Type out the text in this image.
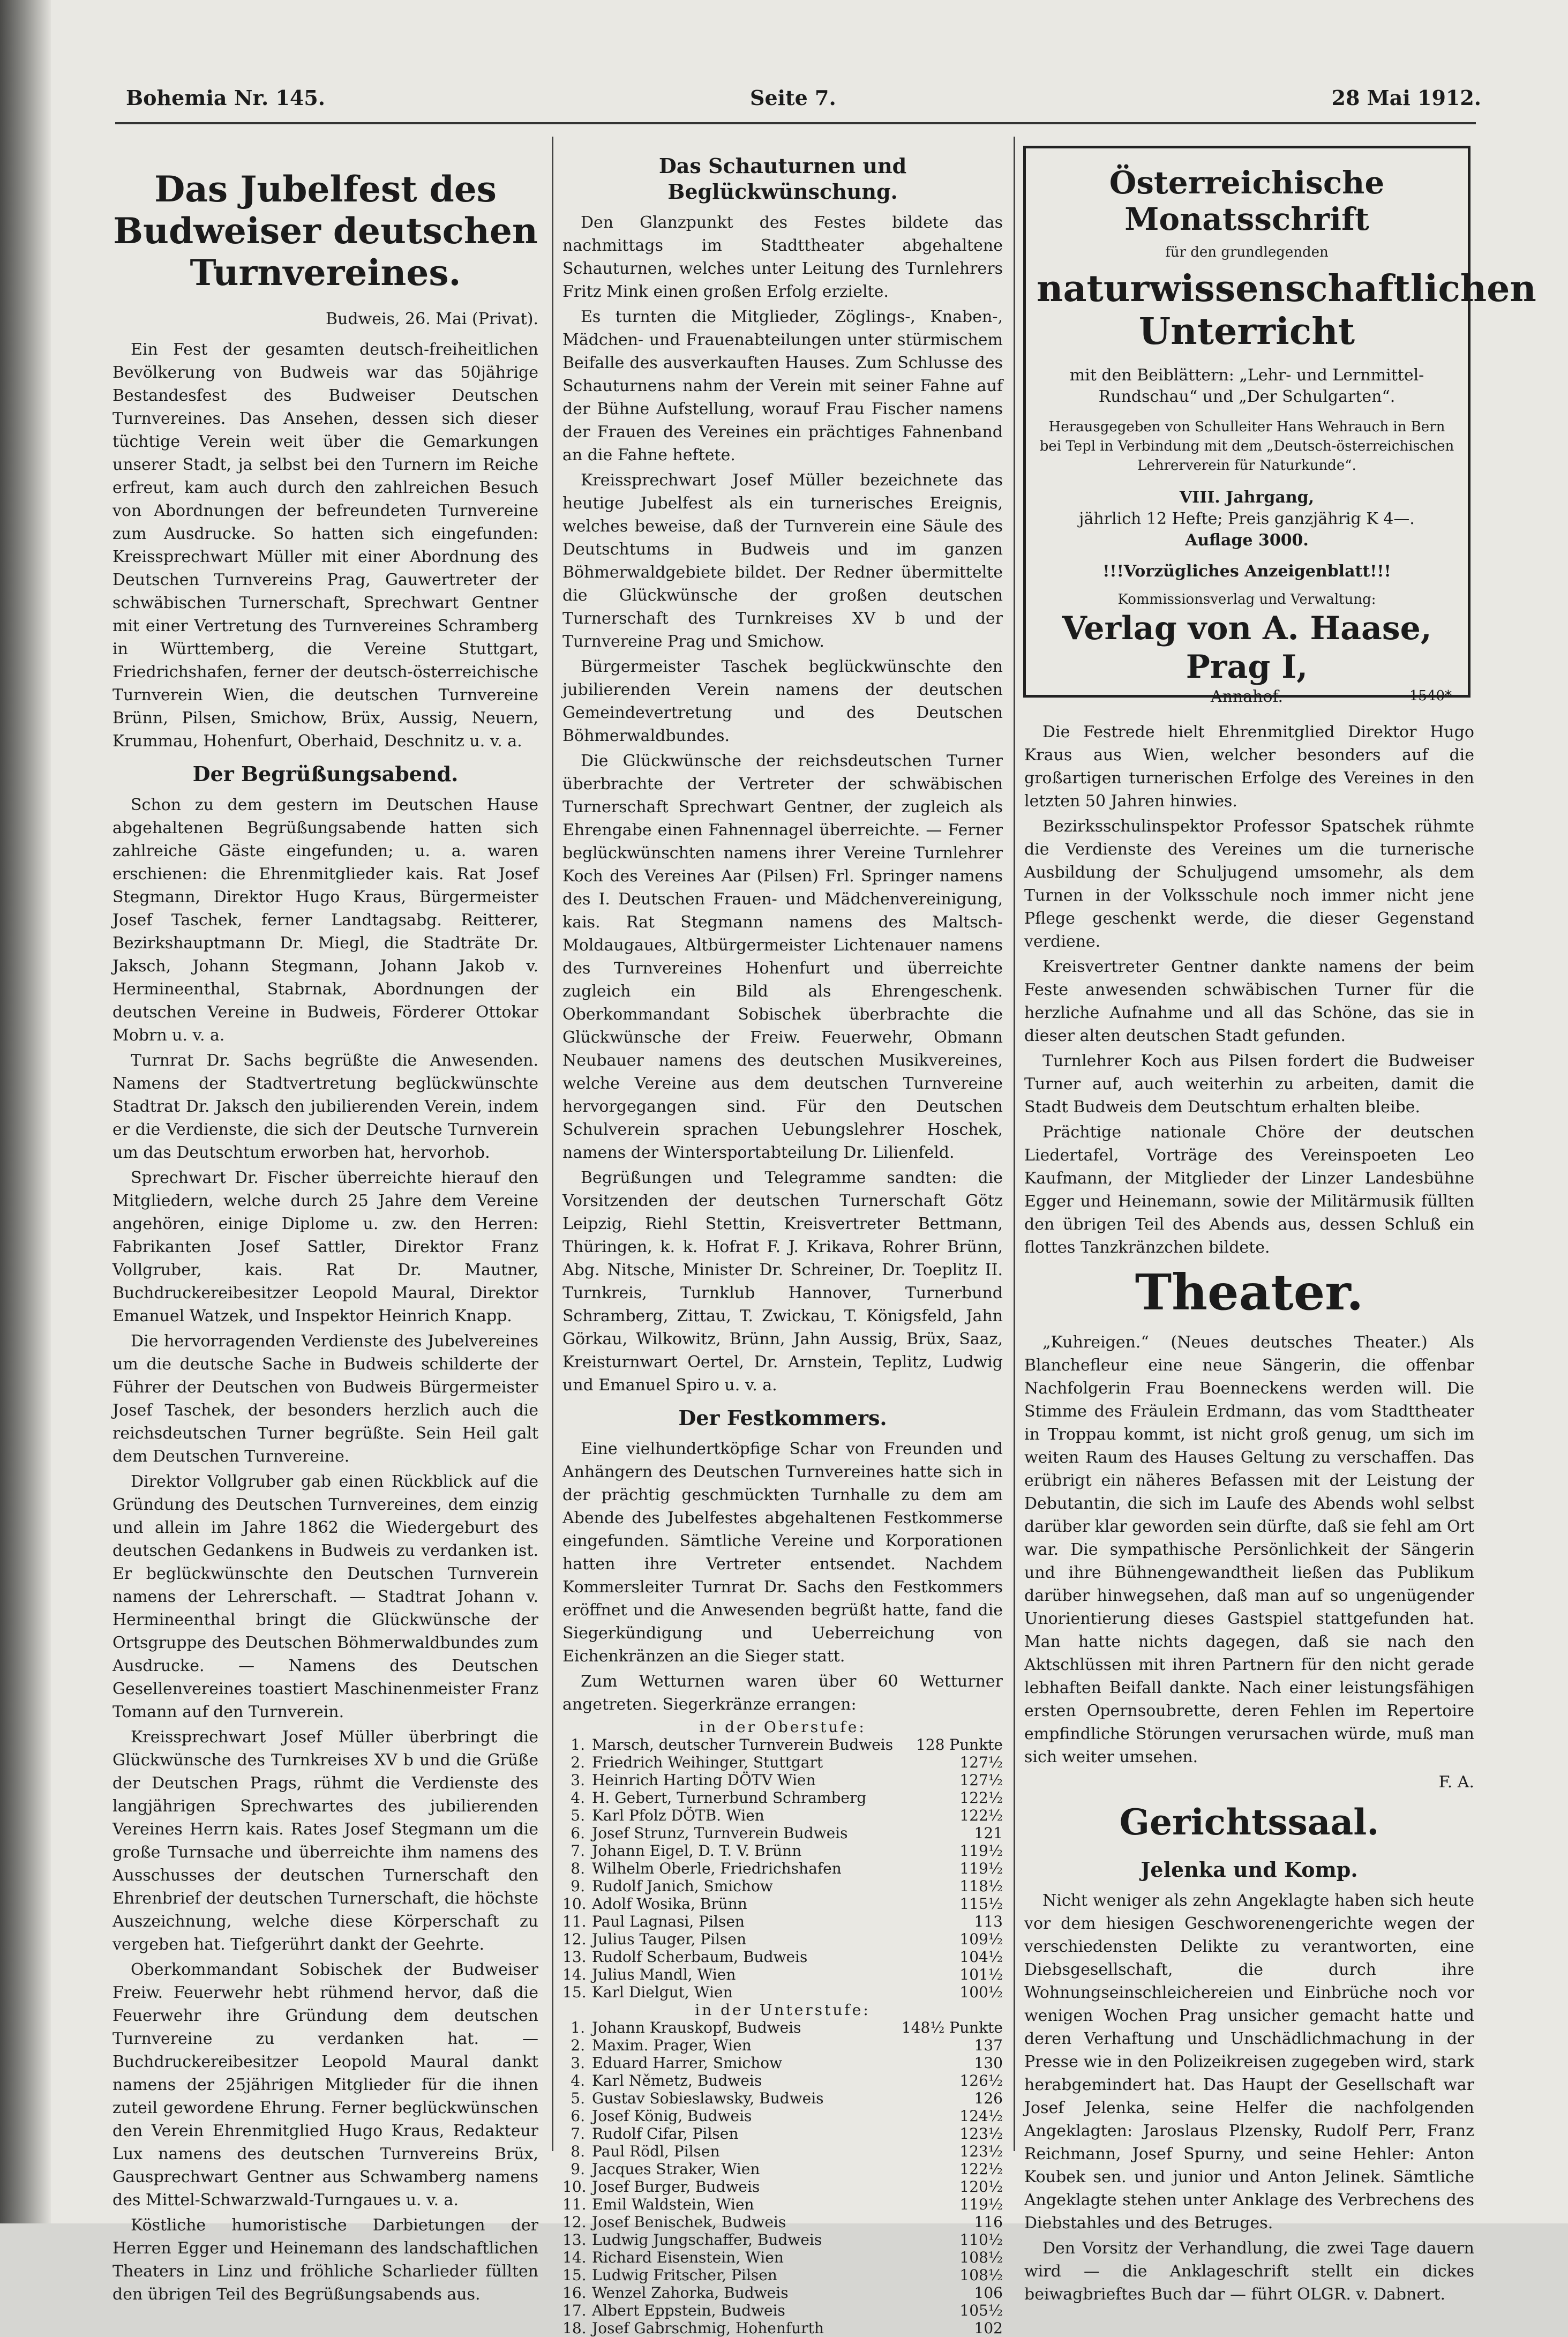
Bohemia Nr. 145.	Seite 7.	28 Mai 1912.
Das Jubelfest des Budweiser deutschen Turnvereines.

Budweis, 26. Mai (Privat).

Ein Fest der gesamten deutsch-freiheitlichen Bevölkerung von Budweis war das 50jährige Bestandesfest des Budweiser Deutschen Turnvereines. Das Ansehen, dessen sich dieser tüchtige Verein weit über die Gemarkungen unserer Stadt, ja selbst bei den Turnern im Reiche erfreut, kam auch durch den zahlreichen Besuch von Abordnungen der befreundeten Turnvereine zum Ausdrucke. So hatten sich eingefunden: Kreissprechwart Müller mit einer Abordnung des Deutschen Turnvereins Prag, Gauwertreter der schwäbischen Turnerschaft, Sprechwart Gentner mit einer Vertretung des Turnvereines Schramberg in Württemberg, die Vereine Stuttgart, Friedrichshafen, ferner der deutsch-österreichische Turnverein Wien, die deutschen Turnvereine Brünn, Pilsen, Smichow, Brüx, Aussig, Neuern, Krummau, Hohenfurt, Oberhaid, Deschnitz u. v. a.

Der Begrüßungsabend.

Schon zu dem gestern im Deutschen Hause abgehaltenen Begrüßungsabende hatten sich zahlreiche Gäste eingefunden; u. a. waren erschienen: die Ehrenmitglieder kais. Rat Josef Stegmann, Direktor Hugo Kraus, Bürgermeister Josef Taschek, ferner Landtagsabg. Reitterer, Bezirkshauptmann Dr. Miegl, die Stadträte Dr. Jaksch, Johann Stegmann, Johann Jakob v. Hermineenthal, Stabrnak, Abordnungen der deutschen Vereine in Budweis, Förderer Ottokar Mobrn u. v. a.

Turnrat Dr. Sachs begrüßte die Anwesenden. Namens der Stadtvertretung beglückwünschte Stadtrat Dr. Jaksch den jubilierenden Verein, indem er die Verdienste, die sich der Deutsche Turnverein um das Deutschtum erworben hat, hervorhob.

Sprechwart Dr. Fischer überreichte hierauf den Mitgliedern, welche durch 25 Jahre dem Vereine angehören, einige Diplome u. zw. den Herren: Fabrikanten Josef Sattler, Direktor Franz Vollgruber, kais. Rat Dr. Mautner, Buchdruckereibesitzer Leopold Maural, Direktor Emanuel Watzek, und Inspektor Heinrich Knapp.

Die hervorragenden Verdienste des Jubelvereines um die deutsche Sache in Budweis schilderte der Führer der Deutschen von Budweis Bürgermeister Josef Taschek, der besonders herzlich auch die reichsdeutschen Turner begrüßte. Sein Heil galt dem Deutschen Turnvereine.

Direktor Vollgruber gab einen Rückblick auf die Gründung des Deutschen Turnvereines, dem einzig und allein im Jahre 1862 die Wiedergeburt des deutschen Gedankens in Budweis zu verdanken ist. Er beglückwünschte den Deutschen Turnverein namens der Lehrerschaft. — Stadtrat Johann v. Hermineenthal bringt die Glückwünsche der Ortsgruppe des Deutschen Böhmerwaldbundes zum Ausdrucke. — Namens des Deutschen Gesellenvereines toastiert Maschinenmeister Franz Tomann auf den Turnverein.

Kreissprechwart Josef Müller überbringt die Glückwünsche des Turnkreises XV b und die Grüße der Deutschen Prags, rühmt die Verdienste des langjährigen Sprechwartes des jubilierenden Vereines Herrn kais. Rates Josef Stegmann um die große Turnsache und überreichte ihm namens des Ausschusses der deutschen Turnerschaft den Ehrenbrief der deutschen Turnerschaft, die höchste Auszeichnung, welche diese Körperschaft zu vergeben hat. Tiefgerührt dankt der Geehrte.

Oberkommandant Sobischek der Budweiser Freiw. Feuerwehr hebt rühmend hervor, daß die Feuerwehr ihre Gründung dem deutschen Turnvereine zu verdanken hat. — Buchdruckereibesitzer Leopold Maural dankt namens der 25jährigen Mitglieder für die ihnen zuteil gewordene Ehrung. Ferner beglückwünschen den Verein Ehrenmitglied Hugo Kraus, Redakteur Lux namens des deutschen Turnvereins Brüx, Gausprechwart Gentner aus Schwamberg namens des Mittel-Schwarzwald-Turngaues u. v. a.

Köstliche humoristische Darbietungen der Herren Egger und Heinemann des landschaftlichen Theaters in Linz und fröhliche Scharlieder füllten den übrigen Teil des Begrüßungsabends aus.

Das Schauturnen und Beglückwünschung.

Den Glanzpunkt des Festes bildete das nachmittags im Stadttheater abgehaltene Schauturnen, welches unter Leitung des Turnlehrers Fritz Mink einen großen Erfolg erzielte.

Es turnten die Mitglieder, Zöglings-, Knaben-, Mädchen- und Frauenabteilungen unter stürmischem Beifalle des ausverkauften Hauses. Zum Schlusse des Schauturnens nahm der Verein mit seiner Fahne auf der Bühne Aufstellung, worauf Frau Fischer namens der Frauen des Vereines ein prächtiges Fahnenband an die Fahne heftete.

Kreissprechwart Josef Müller bezeichnete das heutige Jubelfest als ein turnerisches Ereignis, welches beweise, daß der Turnverein eine Säule des Deutschtums in Budweis und im ganzen Böhmerwaldgebiete bildet. Der Redner übermittelte die Glückwünsche der großen deutschen Turnerschaft des Turnkreises XV b und der Turnvereine Prag und Smichow.

Bürgermeister Taschek beglückwünschte den jubilierenden Verein namens der deutschen Gemeindevertretung und des Deutschen Böhmerwaldbundes.

Die Glückwünsche der reichsdeutschen Turner überbrachte der Vertreter der schwäbischen Turnerschaft Sprechwart Gentner, der zugleich als Ehrengabe einen Fahnennagel überreichte. — Ferner beglückwünschten namens ihrer Vereine Turnlehrer Koch des Vereines Aar (Pilsen) Frl. Springer namens des I. Deutschen Frauen- und Mädchenvereinigung, kais. Rat Stegmann namens des Maltsch-Moldaugaues, Altbürgermeister Lichtenauer namens des Turnvereines Hohenfurt und überreichte zugleich ein Bild als Ehrengeschenk. Oberkommandant Sobischek überbrachte die Glückwünsche der Freiw. Feuerwehr, Obmann Neubauer namens des deutschen Musikvereines, welche Vereine aus dem deutschen Turnvereine hervorgegangen sind. Für den Deutschen Schulverein sprachen Uebungslehrer Hoschek, namens der Wintersportabteilung Dr. Lilienfeld.

Begrüßungen und Telegramme sandten: die Vorsitzenden der deutschen Turnerschaft Götz Leipzig, Riehl Stettin, Kreisvertreter Bettmann, Thüringen, k. k. Hofrat F. J. Krikava, Rohrer Brünn, Abg. Nitsche, Minister Dr. Schreiner, Dr. Toeplitz II. Turnkreis, Turnklub Hannover, Turnerbund Schramberg, Zittau, T. Zwickau, T. Königsfeld, Jahn Görkau, Wilkowitz, Brünn, Jahn Aussig, Brüx, Saaz, Kreisturnwart Oertel, Dr. Arnstein, Teplitz, Ludwig und Emanuel Spiro u. v. a.

Der Festkommers.

Eine vielhundertköpfige Schar von Freunden und Anhängern des Deutschen Turnvereines hatte sich in der prächtig geschmückten Turnhalle zu dem am Abende des Jubelfestes abgehaltenen Festkommerse eingefunden. Sämtliche Vereine und Korporationen hatten ihre Vertreter entsendet. Nachdem Kommersleiter Turnrat Dr. Sachs den Festkommers eröffnet und die Anwesenden begrüßt hatte, fand die Siegerkündigung und Ueberreichung von Eichenkränzen an die Sieger statt.

Zum Wetturnen waren über 60 Wetturner angetreten. Siegerkränze errangen:

in der Oberstufe:
1. Marsch, deutscher Turnverein Budweis 128 Punkte
2. Friedrich Weihinger, Stuttgart	127½
3. Heinrich Harting DÖTV Wien	127½
4. H. Gebert, Turnerbund Schramberg	122½
5. Karl Pfolz DÖTB. Wien	122½
6. Josef Strunz, Turnverein Budweis	121
7. Johann Eigel, D. T. V. Brünn	119½
8. Wilhelm Oberle, Friedrichshafen	119½
9. Rudolf Janich, Smichow	118½
10. Adolf Wosika, Brünn	115½
11. Paul Lagnasi, Pilsen	113
12. Julius Tauger, Pilsen	109½
13. Rudolf Scherbaum, Budweis	104½
14. Julius Mandl, Wien	101½
15. Karl Dielgut, Wien	100½
in der Unterstufe:
1. Johann Krauskopf, Budweis	148½ Punkte
2. Maxim. Prager, Wien	137
3. Eduard Harrer, Smichow	130
4. Karl Němetz, Budweis	126½
5. Gustav Sobieslawsky, Budweis	126
6. Josef König, Budweis	124½
7. Rudolf Cifar, Pilsen	123½
8. Paul Rödl, Pilsen	123½
9. Jacques Straker, Wien	122½
10. Josef Burger, Budweis	120½
11. Emil Waldstein, Wien	119½
12. Josef Benischek, Budweis	116
13. Ludwig Jungschaffer, Budweis	110½
14. Richard Eisenstein, Wien	108½
15. Ludwig Fritscher, Pilsen	108½
16. Wenzel Zahorka, Budweis	106
17. Albert Eppstein, Budweis	105½
18. Josef Gabrschmig, Hohenfurth	102
Österreichische Monatsschrift
für den grundlegenden
naturwissenschaftlichen Unterricht
mit den Beiblättern: „Lehr- und Lernmittel-Rundschau“ und „Der Schulgarten“.
Herausgegeben von Schulleiter Hans Wehrauch in Bern bei Tepl in Verbindung mit dem „Deutsch-österreichischen Lehrerverein für Naturkunde“.
VIII. Jahrgang,
jährlich 12 Hefte; Preis ganzjährig K 4—.
Auflage 3000.
!!!Vorzügliches Anzeigenblatt!!!
Kommissionsverlag und Verwaltung:
Verlag von A. Haase, Prag I,
Annahof.	1540*

Die Festrede hielt Ehrenmitglied Direktor Hugo Kraus aus Wien, welcher besonders auf die großartigen turnerischen Erfolge des Vereines in den letzten 50 Jahren hinwies.

Bezirksschulinspektor Professor Spatschek rühmte die Verdienste des Vereines um die turnerische Ausbildung der Schuljugend umsomehr, als dem Turnen in der Volksschule noch immer nicht jene Pflege geschenkt werde, die dieser Gegenstand verdiene.

Kreisvertreter Gentner dankte namens der beim Feste anwesenden schwäbischen Turner für die herzliche Aufnahme und all das Schöne, das sie in dieser alten deutschen Stadt gefunden.

Turnlehrer Koch aus Pilsen fordert die Budweiser Turner auf, auch weiterhin zu arbeiten, damit die Stadt Budweis dem Deutschtum erhalten bleibe.

Prächtige nationale Chöre der deutschen Liedertafel, Vorträge des Vereinspoeten Leo Kaufmann, der Mitglieder der Linzer Landesbühne Egger und Heinemann, sowie der Militärmusik füllten den übrigen Teil des Abends aus, dessen Schluß ein flottes Tanzkränzchen bildete.

Theater.

„Kuhreigen.“ (Neues deutsches Theater.) Als Blanchefleur eine neue Sängerin, die offenbar Nachfolgerin Frau Boenneckens werden will. Die Stimme des Fräulein Erdmann, das vom Stadttheater in Troppau kommt, ist nicht groß genug, um sich im weiten Raum des Hauses Geltung zu verschaffen. Das erübrigt ein näheres Befassen mit der Leistung der Debutantin, die sich im Laufe des Abends wohl selbst darüber klar geworden sein dürfte, daß sie fehl am Ort war. Die sympathische Persönlichkeit der Sängerin und ihre Bühnengewandtheit ließen das Publikum darüber hinwegsehen, daß man auf so ungenügender Unorientierung dieses Gastspiel stattgefunden hat. Man hatte nichts dagegen, daß sie nach den Aktschlüssen mit ihren Partnern für den nicht gerade lebhaften Beifall dankte. Nach einer leistungsfähigen ersten Opernsoubrette, deren Fehlen im Repertoire empfindliche Störungen verursachen würde, muß man sich weiter umsehen.

F. A.

Gerichtssaal.
Jelenka und Komp.

Nicht weniger als zehn Angeklagte haben sich heute vor dem hiesigen Geschworenengerichte wegen der verschiedensten Delikte zu verantworten, eine Diebsgesellschaft, die durch ihre Wohnungseinschleichereien und Einbrüche noch vor wenigen Wochen Prag unsicher gemacht hatte und deren Verhaftung und Unschädlichmachung in der Presse wie in den Polizeikreisen zugegeben wird, stark herabgemindert hat. Das Haupt der Gesellschaft war Josef Jelenka, seine Helfer die nachfolgenden Angeklagten: Jaroslaus Plzensky, Rudolf Perr, Franz Reichmann, Josef Spurny, und seine Hehler: Anton Koubek sen. und junior und Anton Jelinek. Sämtliche Angeklagte stehen unter Anklage des Verbrechens des Diebstahles und des Betruges.

Den Vorsitz der Verhandlung, die zwei Tage dauern wird — die Anklageschrift stellt ein dickes beiwagbrieftes Buch dar — führt OLGR. v. Dabnert.
